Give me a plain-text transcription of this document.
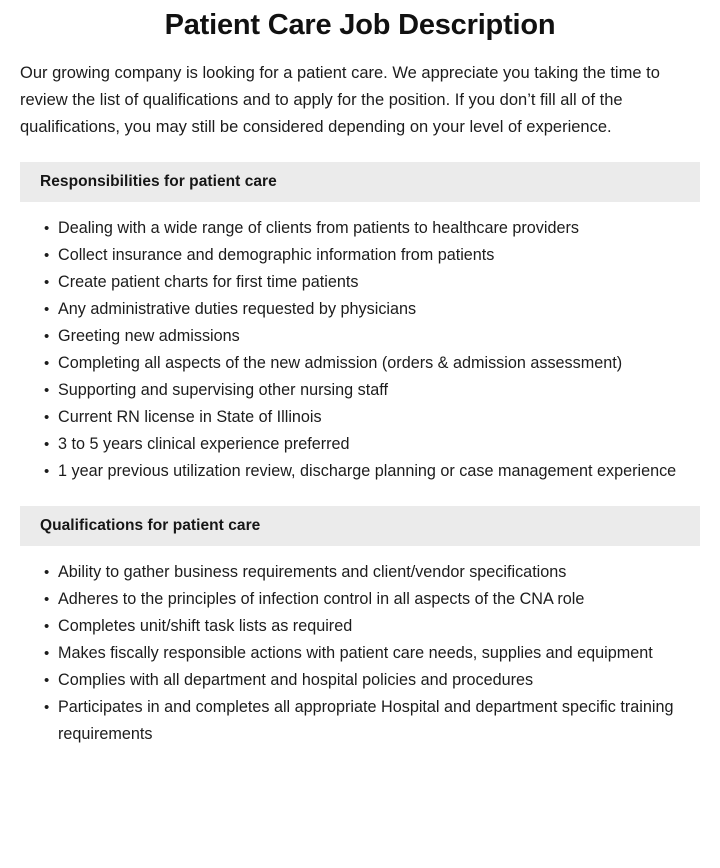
Patient Care Job Description

Our growing company is looking for a patient care. We appreciate you taking the time to review the list of qualifications and to apply for the position. If you don’t fill all of the qualifications, you may still be considered depending on your level of experience.

Responsibilities for patient care
• Dealing with a wide range of clients from patients to healthcare providers
• Collect insurance and demographic information from patients
• Create patient charts for first time patients
• Any administrative duties requested by physicians
• Greeting new admissions
• Completing all aspects of the new admission (orders & admission assessment)
• Supporting and supervising other nursing staff
• Current RN license in State of Illinois
• 3 to 5 years clinical experience preferred
• 1 year previous utilization review, discharge planning or case management experience
Qualifications for patient care
• Ability to gather business requirements and client/vendor specifications
• Adheres to the principles of infection control in all aspects of the CNA role
• Completes unit/shift task lists as required
• Makes fiscally responsible actions with patient care needs, supplies and equipment
• Complies with all department and hospital policies and procedures
• Participates in and completes all appropriate Hospital and department specific training requirements
